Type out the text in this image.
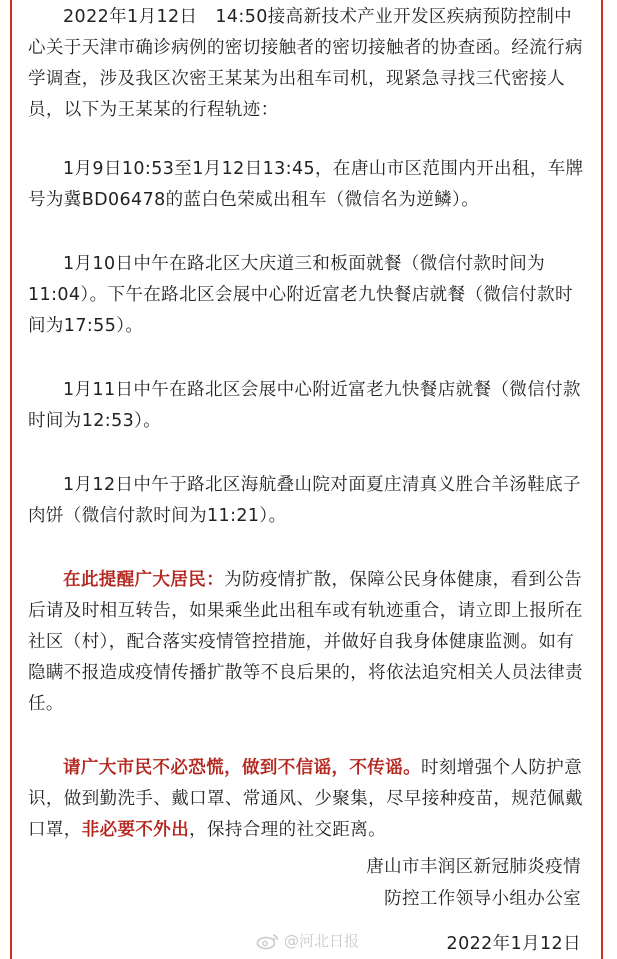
2022年1月12日　14:50接高新技术产业开发区疾病预防控制中心关于天津市确诊病例的密切接触者的密切接触者的协查函。经流行病学调查，涉及我区次密王某某为出租车司机，现紧急寻找三代密接人员，以下为王某某的行程轨迹：

1月9日10:53至1月12日13:45，在唐山市区范围内开出租，车牌号为冀BD06478的蓝白色荣威出租车（微信名为逆鳞）。

1月10日中午在路北区大庆道三和板面就餐（微信付款时间为11:04）。下午在路北区会展中心附近富老九快餐店就餐（微信付款时间为17:55）。

1月11日中午在路北区会展中心附近富老九快餐店就餐（微信付款时间为12:53）。

1月12日中午于路北区海航叠山院对面夏庄清真义胜合羊汤鞋底子肉饼（微信付款时间为11:21）。

在此提醒广大居民：为防疫情扩散，保障公民身体健康，看到公告后请及时相互转告，如果乘坐此出租车或有轨迹重合，请立即上报所在社区（村），配合落实疫情管控措施，并做好自我身体健康监测。如有隐瞒不报造成疫情传播扩散等不良后果的，将依法追究相关人员法律责任。

请广大市民不必恐慌，做到不信谣，不传谣。时刻增强个人防护意识，做到勤洗手、戴口罩、常通风、少聚集，尽早接种疫苗，规范佩戴口罩，非必要不外出，保持合理的社交距离。

唐山市丰润区新冠肺炎疫情
防控工作领导小组办公室
@河北日报	2022年1月12日
